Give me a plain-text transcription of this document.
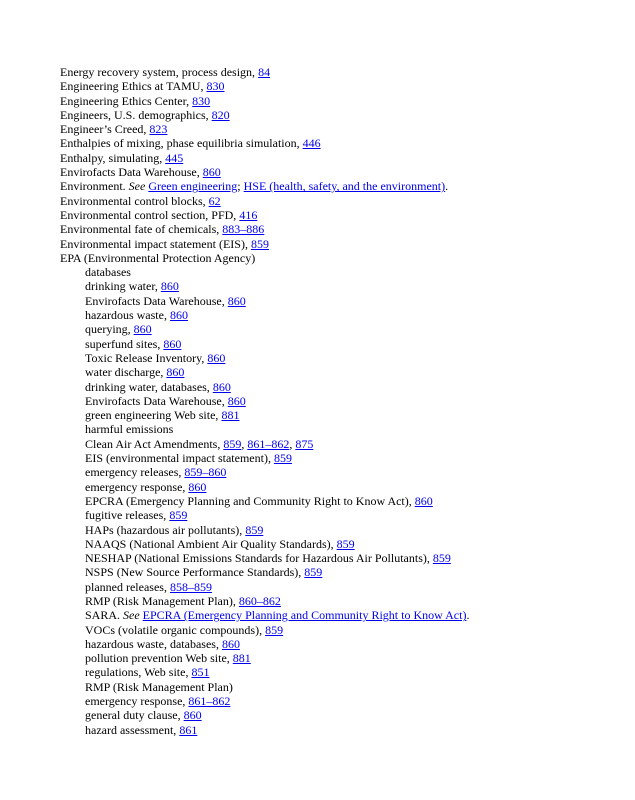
Energy recovery system, process design, 84
Engineering Ethics at TAMU, 830
Engineering Ethics Center, 830
Engineers, U.S. demographics, 820
Engineer’s Creed, 823
Enthalpies of mixing, phase equilibria simulation, 446
Enthalpy, simulating, 445
Envirofacts Data Warehouse, 860
Environment. See Green engineering; HSE (health, safety, and the environment).
Environmental control blocks, 62
Environmental control section, PFD, 416
Environmental fate of chemicals, 883–886
Environmental impact statement (EIS), 859
EPA (Environmental Protection Agency)
databases
drinking water, 860
Envirofacts Data Warehouse, 860
hazardous waste, 860
querying, 860
superfund sites, 860
Toxic Release Inventory, 860
water discharge, 860
drinking water, databases, 860
Envirofacts Data Warehouse, 860
green engineering Web site, 881
harmful emissions
Clean Air Act Amendments, 859, 861–862, 875
EIS (environmental impact statement), 859
emergency releases, 859–860
emergency response, 860
EPCRA (Emergency Planning and Community Right to Know Act), 860
fugitive releases, 859
HAPs (hazardous air pollutants), 859
NAAQS (National Ambient Air Quality Standards), 859
NESHAP (National Emissions Standards for Hazardous Air Pollutants), 859
NSPS (New Source Performance Standards), 859
planned releases, 858–859
RMP (Risk Management Plan), 860–862
SARA. See EPCRA (Emergency Planning and Community Right to Know Act).
VOCs (volatile organic compounds), 859
hazardous waste, databases, 860
pollution prevention Web site, 881
regulations, Web site, 851
RMP (Risk Management Plan)
emergency response, 861–862
general duty clause, 860
hazard assessment, 861
